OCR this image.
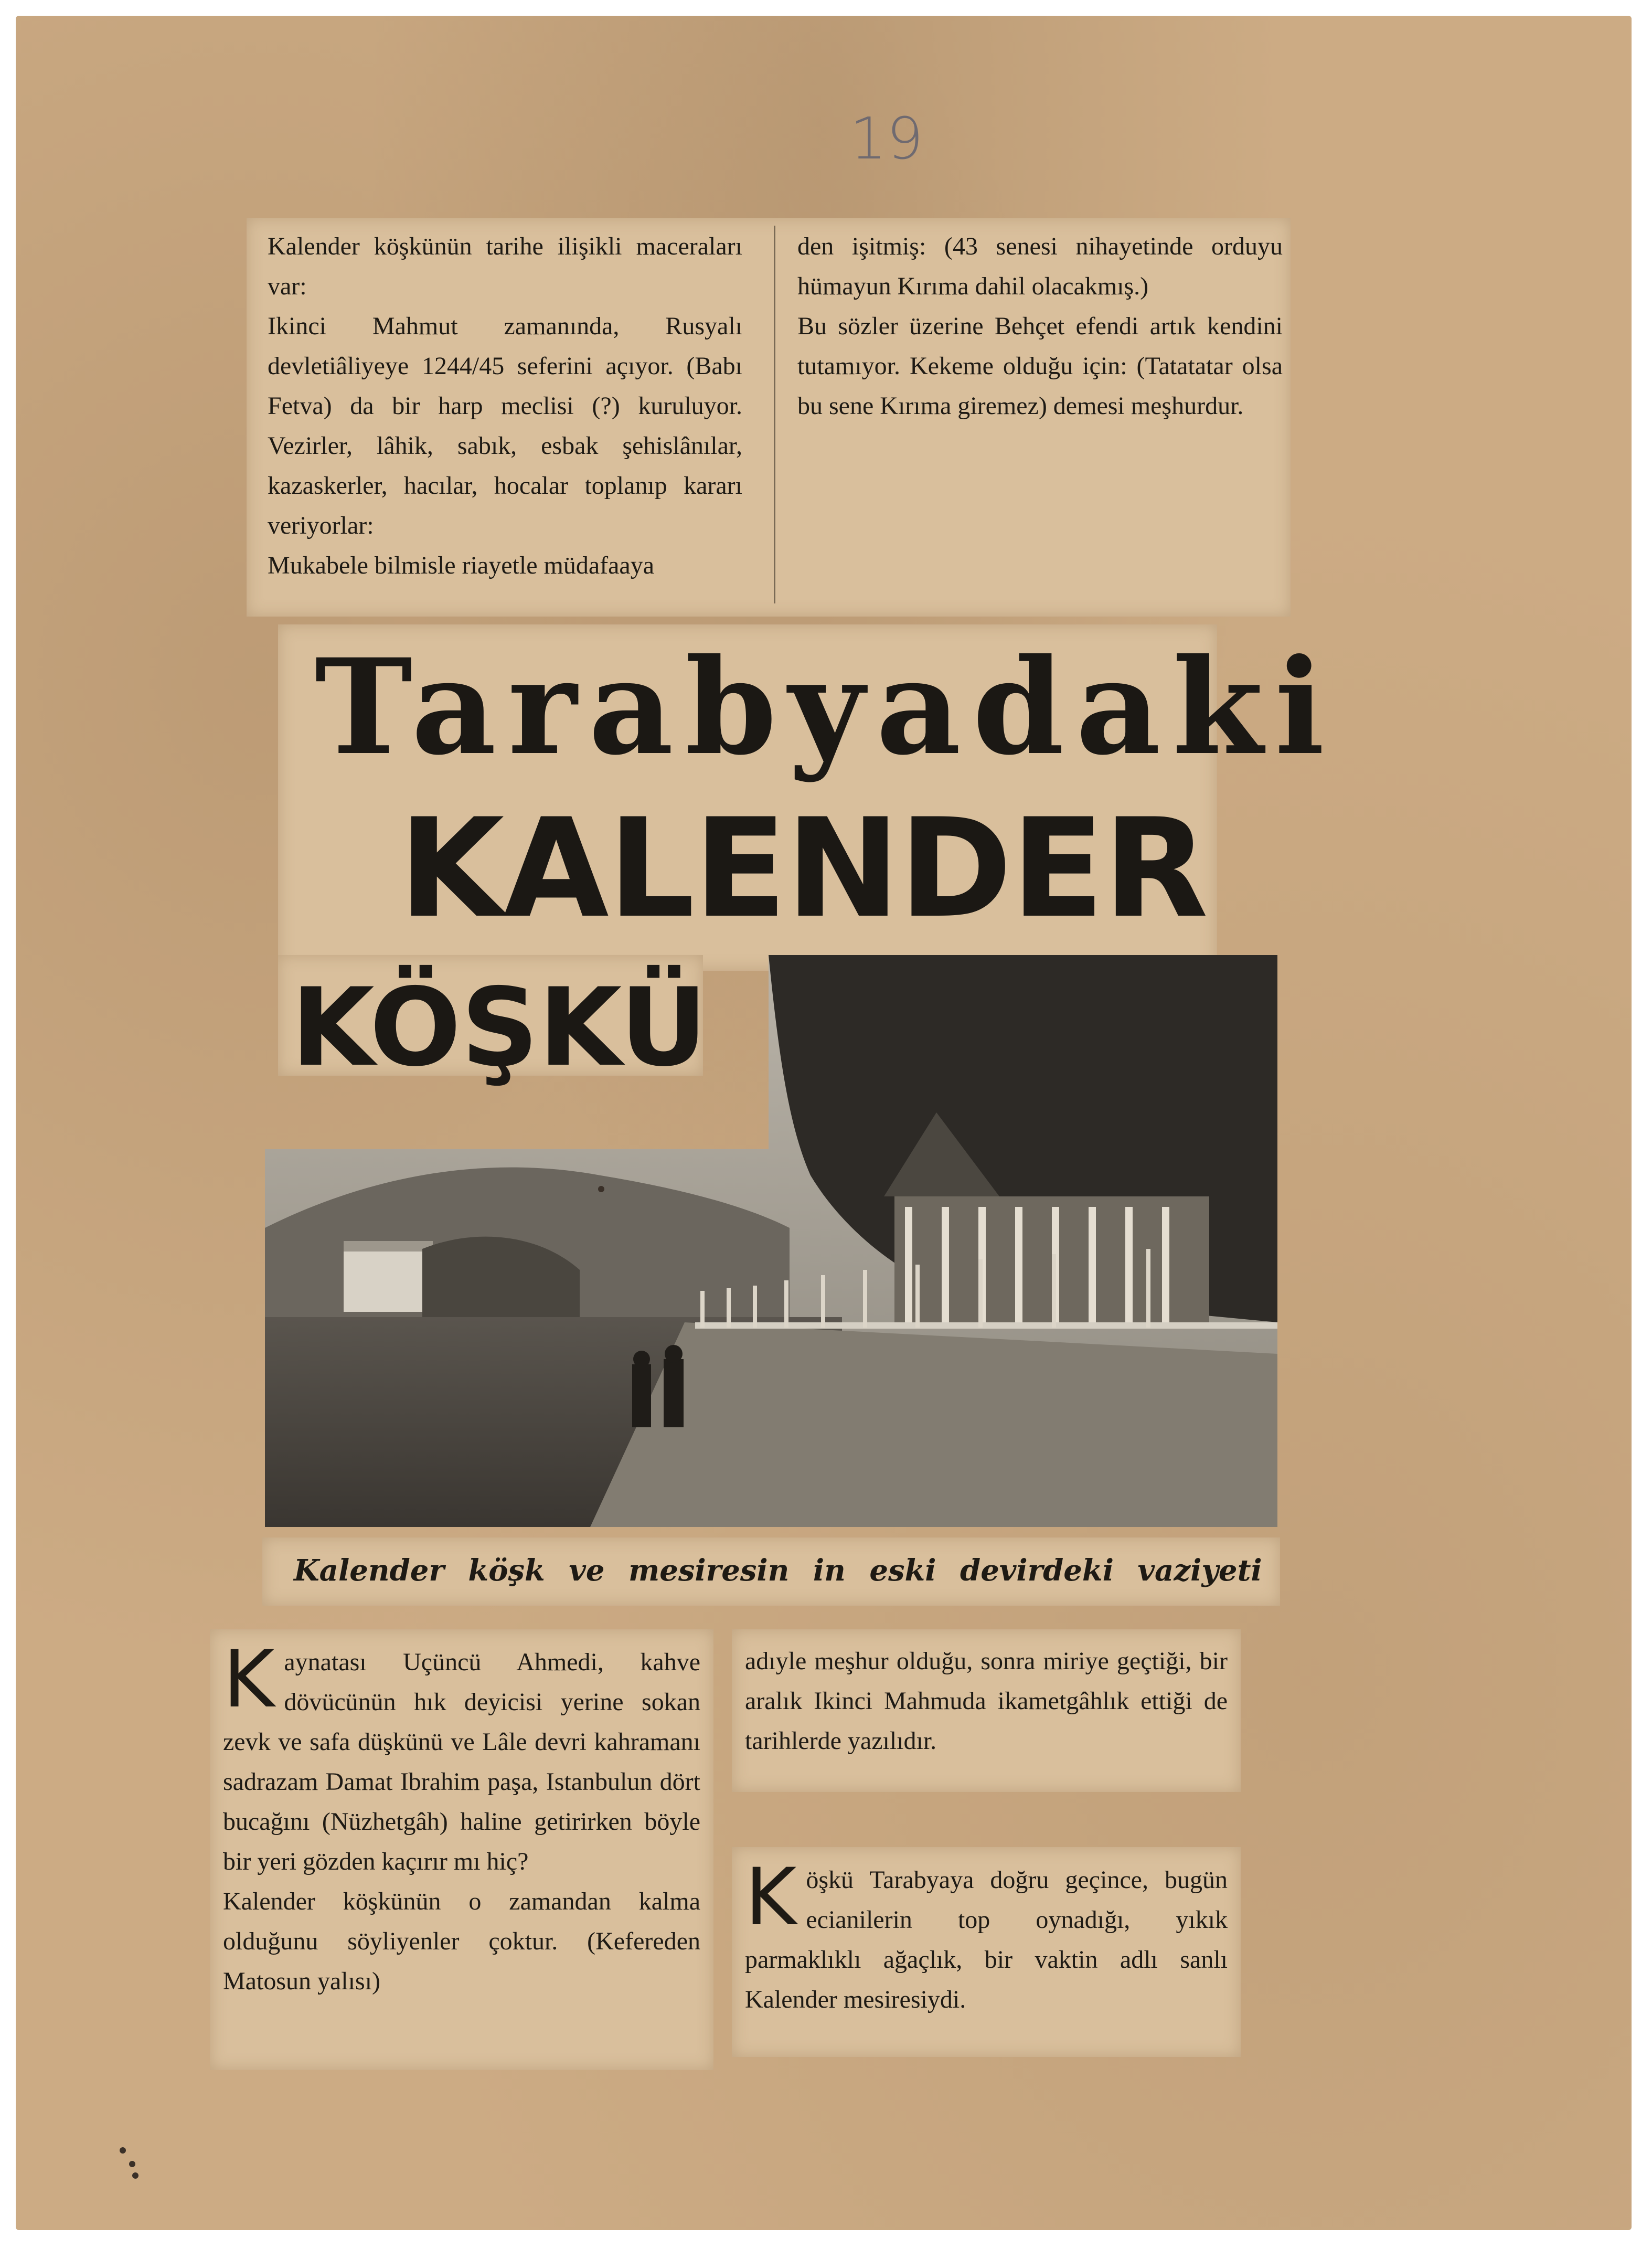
19
Kalender köşkünün tarihe ilişikli maceraları var:
Ikinci Mahmut zamanında, Rusyalı devletiâliyeye 1244/45 seferini açıyor. (Babı Fetva) da bir harp meclisi (?) kuruluyor. Vezirler, lâhik, sabık, esbak şehislânılar, kazaskerler, hacılar, hocalar toplanıp kararı veriyorlar:
Mukabele bilmisle riayetle müdafaaya
den işitmiş: (43 senesi nihayetinde orduyu hümayun Kırıma dahil olacakmış.)
Bu sözler üzerine Behçet efendi artık kendini tutamıyor. Kekeme olduğu için: (Tatatatar olsa bu sene Kırıma giremez) demesi meşhurdur.
Tarabyadaki
KALENDER
KÖŞKÜ
Kalender köşk ve mesiresin in eski devirdeki vaziyeti
Kaynatası Uçüncü Ahmedi, kahve dövücünün hık deyicisi yerine sokan zevk ve safa düşkünü ve Lâle devri kahramanı sadrazam Damat Ibrahim paşa, Istanbulun dört bucağını (Nüzhetgâh) haline getirirken böyle bir yeri gözden kaçırır mı hiç?
Kalender köşkünün o zamandan kalma olduğunu söyliyenler çoktur. (Kefereden Matosun yalısı)
adıyle meşhur olduğu, sonra miriye geçtiği, bir aralık Ikinci Mahmuda ikametgâhlık ettiği de tarihlerde yazılıdır.
Köşkü Tarabyaya doğru geçince, bugün ecianilerin top oynadığı, yıkık parmaklıklı ağaçlık, bir vaktin adlı sanlı Kalender mesiresiydi.
